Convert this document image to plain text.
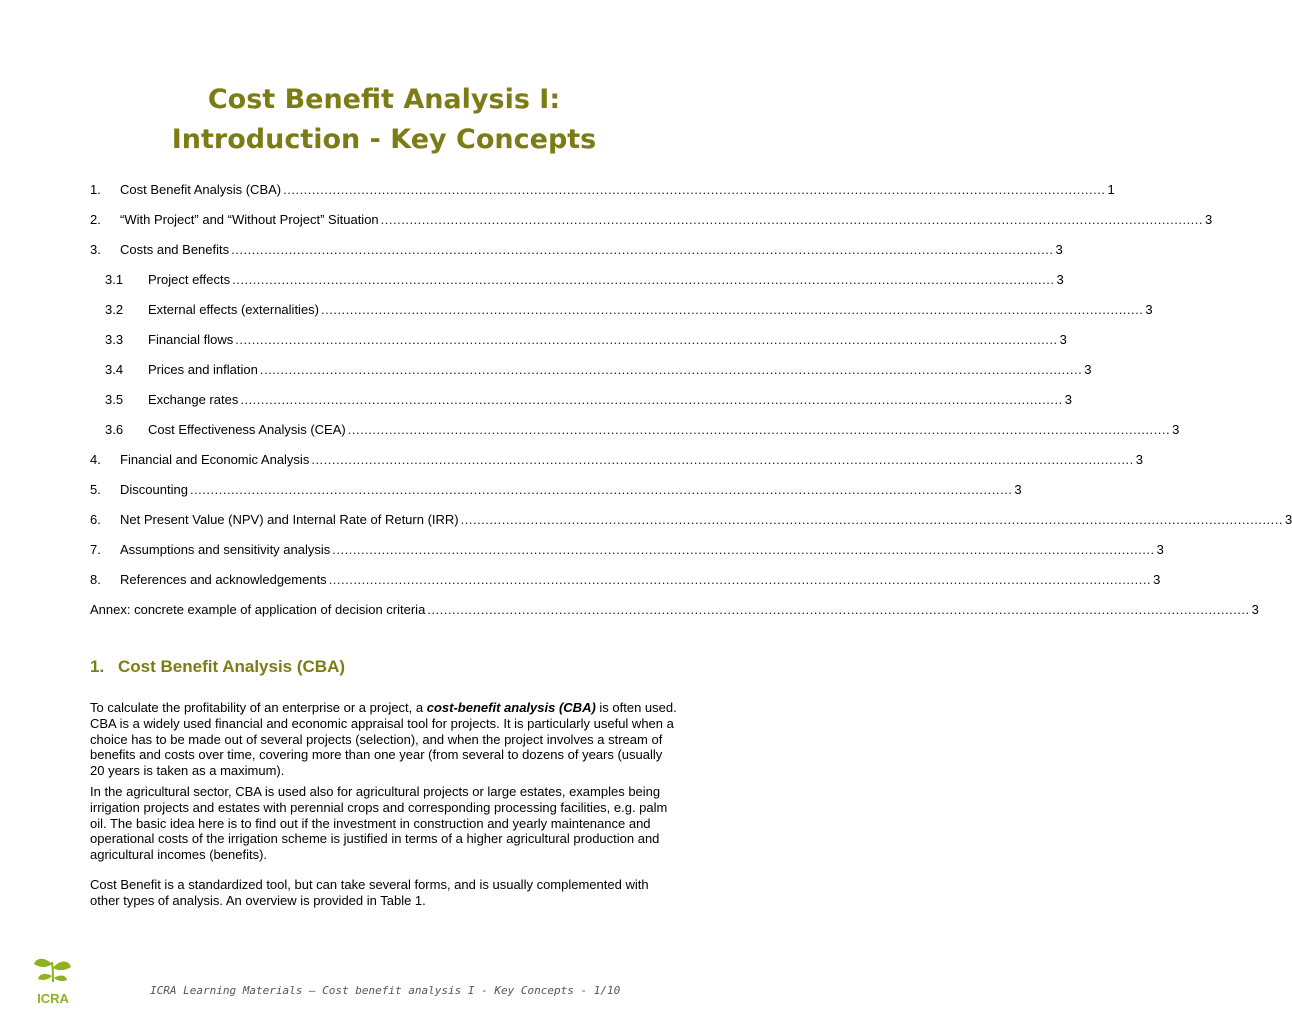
Cost Benefit Analysis I:
Introduction - Key Concepts
1.	Cost Benefit Analysis (CBA) ........................................................................................................................................................................................................ 1
2.	“With Project” and “Without Project” Situation ........................................................................................................................................................................................................ 3
3.	Costs and Benefits ........................................................................................................................................................................................................ 3
3.1	Project effects ........................................................................................................................................................................................................ 3
3.2	External effects (externalities) ........................................................................................................................................................................................................ 3
3.3	Financial flows ........................................................................................................................................................................................................ 3
3.4	Prices and inflation ........................................................................................................................................................................................................ 3
3.5	Exchange rates ........................................................................................................................................................................................................ 3
3.6	Cost Effectiveness Analysis (CEA) ........................................................................................................................................................................................................ 3
4.	Financial and Economic Analysis ........................................................................................................................................................................................................ 3
5.	Discounting ........................................................................................................................................................................................................ 3
6.	Net Present Value (NPV) and Internal Rate of Return (IRR) ........................................................................................................................................................................................................ 3
7.	Assumptions and sensitivity analysis ........................................................................................................................................................................................................ 3
8.	References and acknowledgements ........................................................................................................................................................................................................ 3
Annex: concrete example of application of decision criteria ........................................................................................................................................................................................................ 3
1. Cost Benefit Analysis (CBA)

To calculate the profitability of an enterprise or a project, a cost-benefit analysis (CBA) is often used. CBA is a widely used financial and economic appraisal tool for projects. It is particularly useful when a choice has to be made out of several projects (selection), and when the project involves a stream of benefits and costs over time, covering more than one year (from several to dozens of years (usually 20 years is taken as a maximum).

In the agricultural sector, CBA is used also for agricultural projects or large estates, examples being irrigation projects and estates with perennial crops and corresponding processing facilities, e.g. palm oil. The basic idea here is to find out if the investment in construction and yearly maintenance and operational costs of the irrigation scheme is justified in terms of a higher agricultural production and agricultural incomes (benefits).

Cost Benefit is a standardized tool, but can take several forms, and is usually complemented with other types of analysis. An overview is provided in Table 1.

ICRA
ICRA Learning Materials – Cost benefit analysis I - Key Concepts - 1/10
